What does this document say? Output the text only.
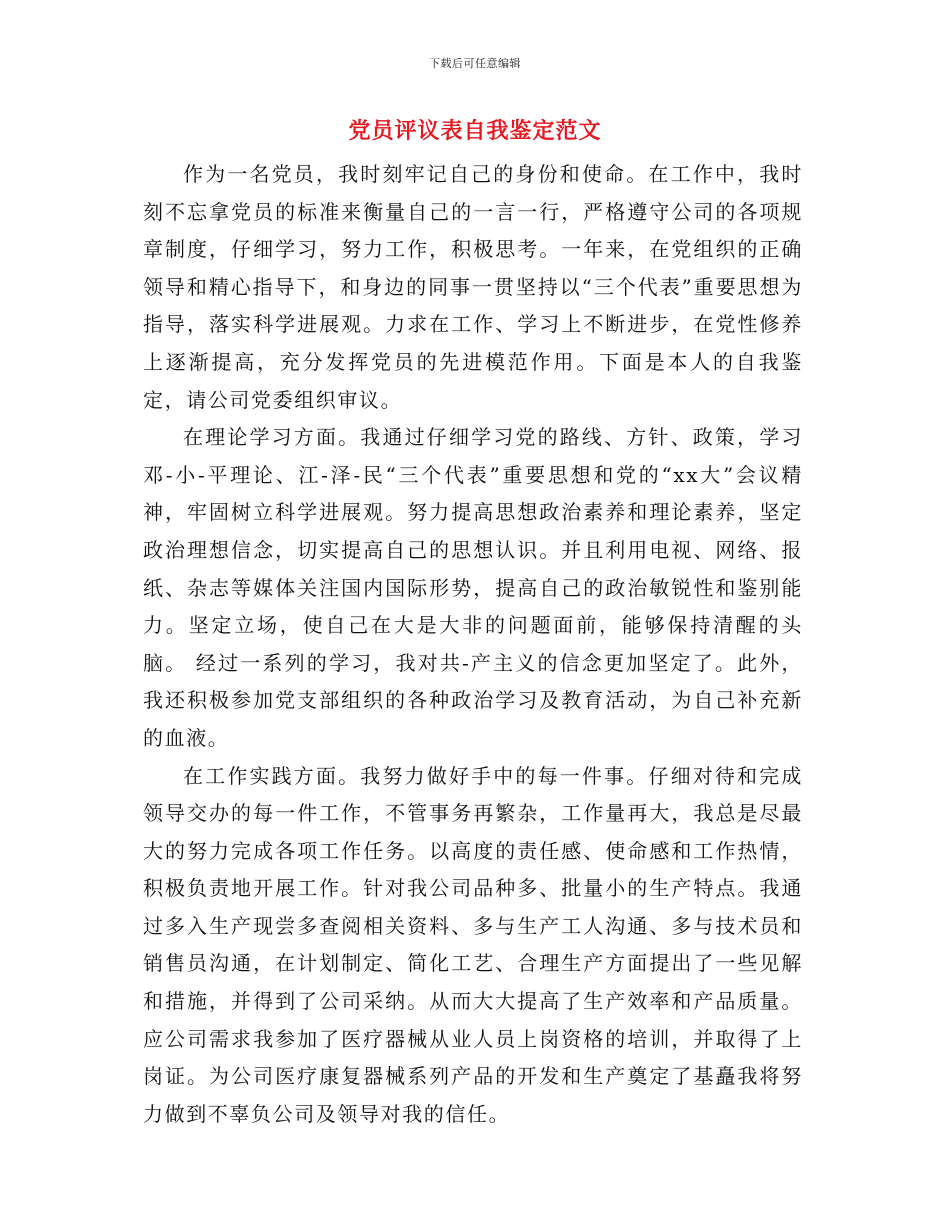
下载后可任意编辑
党员评议表自我鉴定范文

作为一名党员，我时刻牢记自己的身份和使命。在工作中，我时刻不忘拿党员的标准来衡量自己的一言一行，严格遵守公司的各项规章制度，仔细学习，努力工作，积极思考。一年来，在党组织的正确领导和精心指导下，和身边的同事一贯坚持以“三个代表”重要思想为指导，落实科学进展观。力求在工作、学习上不断进步，在党性修养上逐渐提高，充分发挥党员的先进模范作用。下面是本人的自我鉴定，请公司党委组织审议。

在理论学习方面。我通过仔细学习党的路线、方针、政策，学习邓-小-平理论、江-泽-民“三个代表”重要思想和党的“xx大”会议精神，牢固树立科学进展观。努力提高思想政治素养和理论素养，坚定政治理想信念，切实提高自己的思想认识。并且利用电视、网络、报纸、杂志等媒体关注国内国际形势，提高自己的政治敏锐性和鉴别能力。坚定立场，使自己在大是大非的问题面前，能够保持清醒的头脑。 经过一系列的学习，我对共-产主义的信念更加坚定了。此外，我还积极参加党支部组织的各种政治学习及教育活动，为自己补充新的血液。

在工作实践方面。我努力做好手中的每一件事。仔细对待和完成领导交办的每一件工作，不管事务再繁杂，工作量再大，我总是尽最大的努力完成各项工作任务。以高度的责任感、使命感和工作热情，积极负责地开展工作。针对我公司品种多、批量小的生产特点。我通过多入生产现尝多查阅相关资料、多与生产工人沟通、多与技术员和销售员沟通，在计划制定、简化工艺、合理生产方面提出了一些见解和措施，并得到了公司采纳。从而大大提高了生产效率和产品质量。应公司需求我参加了医疗器械从业人员上岗资格的培训，并取得了上岗证。为公司医疗康复器械系列产品的开发和生产奠定了基矗我将努力做到不辜负公司及领导对我的信任。
